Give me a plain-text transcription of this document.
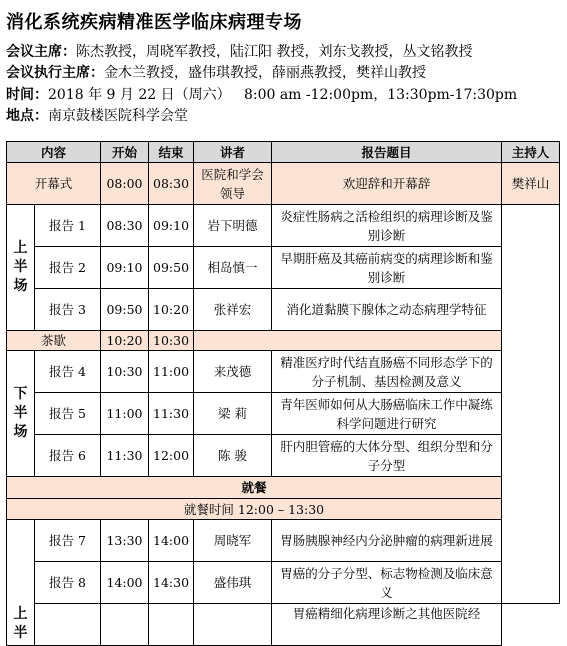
消化系统疾病精准医学临床病理专场
会议主席：陈杰教授，周晓军教授，陆江阳 教授，刘东戈教授，丛文铭教授
会议执行主席：金木兰教授，盛伟琪教授，薛丽燕教授，樊祥山教授
时间：2018 年 9 月 22 日（周六）   8:00 am -12:00pm，13:30pm-17:30pm
地点：南京鼓楼医院科学会堂
内容		开始	结束	讲者	报告题目	主持人
开幕式		08:00	08:30	医院和学会领导	欢迎辞和开幕辞	樊祥山

上
半
场	报告 1	08:30	09:10	岩下明德	炎症性肠病之活检组织的病理诊断及鉴别诊断	
	报告 2	09:10	09:50	相岛慎一	早期肝癌及其癌前病变的病理诊断和鉴别诊断	
	报告 3	09:50	10:20	张祥宏	消化道黏膜下腺体之动态病理学特征	
茶歇		10:20	10:30			

下
半
场	报告 4	10:30	11:00	来茂德	精准医疗时代结直肠癌不同形态学下的分子机制、基因检测及意义	
	报告 5	11:00	11:30	梁 莉	青年医师如何从大肠癌临床工作中凝练科学问题进行研究	
	报告 6	11:30	12:00	陈 骏	肝内胆管癌的大体分型、组织分型和分子分型	
就餐						
就餐时间 12:00 – 13:30						

上
半	报告 7	13:30	14:00	周晓军	胃肠胰腺神经内分泌肿瘤的病理新进展	
	报告 8	14:00	14:30	盛伟琪	胃癌的分子分型、标志物检测及临床意义	
					胃癌精细化病理诊断之其他医院经	
